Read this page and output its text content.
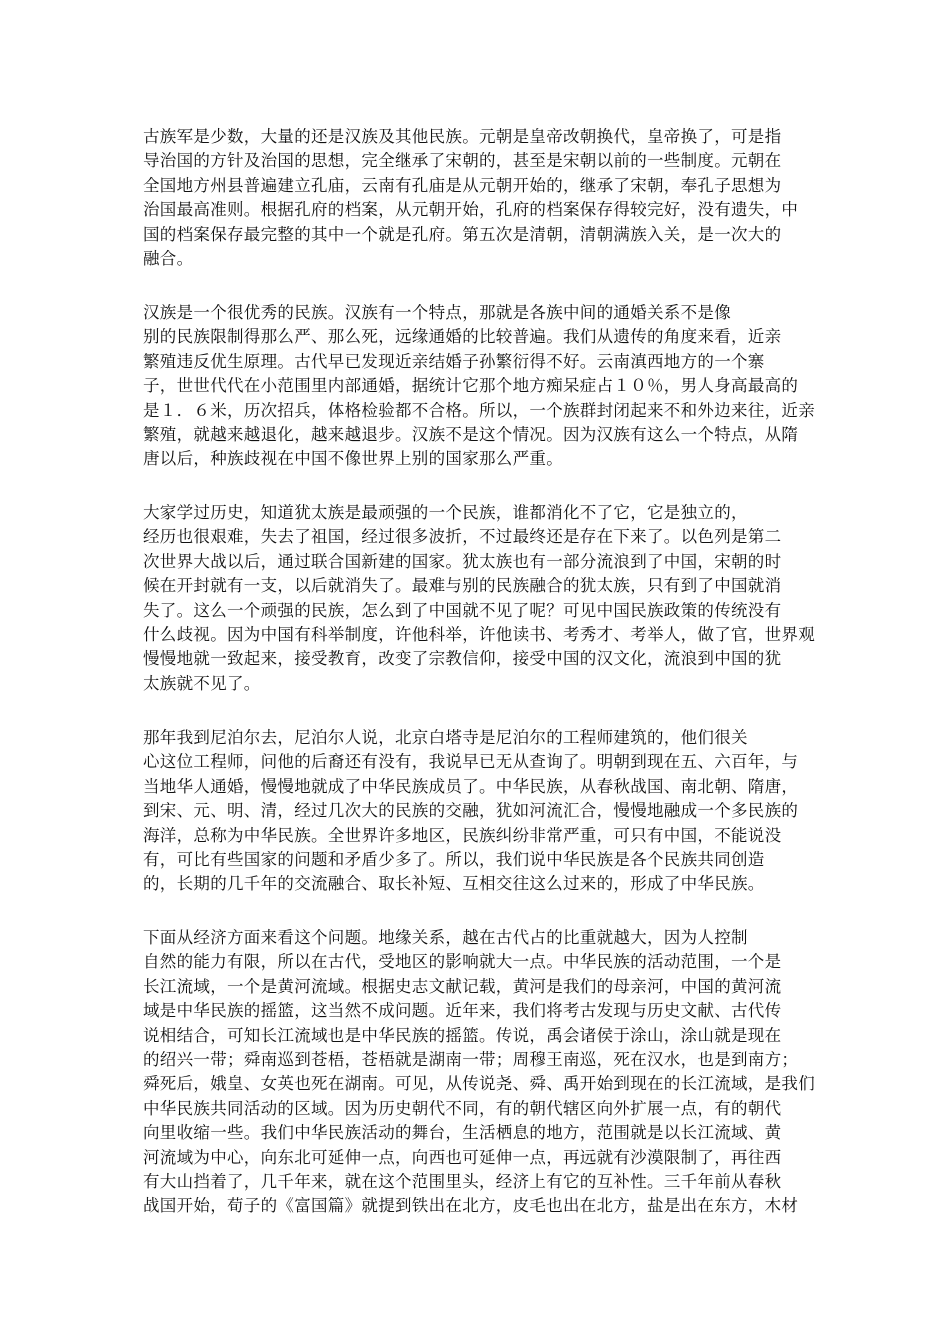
古族军是少数，大量的还是汉族及其他民族。元朝是皇帝改朝换代，皇帝换了，可是指
导治国的方针及治国的思想，完全继承了宋朝的，甚至是宋朝以前的一些制度。元朝在
全国地方州县普遍建立孔庙，云南有孔庙是从元朝开始的，继承了宋朝，奉孔子思想为
治国最高准则。根据孔府的档案，从元朝开始，孔府的档案保存得较完好，没有遗失，中
国的档案保存最完整的其中一个就是孔府。第五次是清朝，清朝满族入关，是一次大的
融合。
汉族是一个很优秀的民族。汉族有一个特点，那就是各族中间的通婚关系不是像
别的民族限制得那么严、那么死，远缘通婚的比较普遍。我们从遗传的角度来看，近亲
繁殖违反优生原理。古代早已发现近亲结婚子孙繁衍得不好。云南滇西地方的一个寨
子，世世代代在小范围里内部通婚，据统计它那个地方痴呆症占１０％，男人身高最高的
是１．６米，历次招兵，体格检验都不合格。所以，一个族群封闭起来不和外边来往，近亲
繁殖，就越来越退化，越来越退步。汉族不是这个情况。因为汉族有这么一个特点，从隋
唐以后，种族歧视在中国不像世界上别的国家那么严重。
大家学过历史，知道犹太族是最顽强的一个民族，谁都消化不了它，它是独立的，
经历也很艰难，失去了祖国，经过很多波折，不过最终还是存在下来了。以色列是第二
次世界大战以后，通过联合国新建的国家。犹太族也有一部分流浪到了中国，宋朝的时
候在开封就有一支，以后就消失了。最难与别的民族融合的犹太族，只有到了中国就消
失了。这么一个顽强的民族，怎么到了中国就不见了呢？可见中国民族政策的传统没有
什么歧视。因为中国有科举制度，许他科举，许他读书、考秀才、考举人，做了官，世界观
慢慢地就一致起来，接受教育，改变了宗教信仰，接受中国的汉文化，流浪到中国的犹
太族就不见了。
那年我到尼泊尔去，尼泊尔人说，北京白塔寺是尼泊尔的工程师建筑的，他们很关
心这位工程师，问他的后裔还有没有，我说早已无从查询了。明朝到现在五、六百年，与
当地华人通婚，慢慢地就成了中华民族成员了。中华民族，从春秋战国、南北朝、隋唐，
到宋、元、明、清，经过几次大的民族的交融，犹如河流汇合，慢慢地融成一个多民族的
海洋，总称为中华民族。全世界许多地区，民族纠纷非常严重，可只有中国，不能说没
有，可比有些国家的问题和矛盾少多了。所以，我们说中华民族是各个民族共同创造
的，长期的几千年的交流融合、取长补短、互相交往这么过来的，形成了中华民族。
下面从经济方面来看这个问题。地缘关系，越在古代占的比重就越大，因为人控制
自然的能力有限，所以在古代，受地区的影响就大一点。中华民族的活动范围，一个是
长江流域，一个是黄河流域。根据史志文献记载，黄河是我们的母亲河，中国的黄河流
域是中华民族的摇篮，这当然不成问题。近年来，我们将考古发现与历史文献、古代传
说相结合，可知长江流域也是中华民族的摇篮。传说，禹会诸侯于涂山，涂山就是现在
的绍兴一带；舜南巡到苍梧，苍梧就是湖南一带；周穆王南巡，死在汉水，也是到南方；
舜死后，娥皇、女英也死在湖南。可见，从传说尧、舜、禹开始到现在的长江流域，是我们
中华民族共同活动的区域。因为历史朝代不同，有的朝代辖区向外扩展一点，有的朝代
向里收缩一些。我们中华民族活动的舞台，生活栖息的地方，范围就是以长江流域、黄
河流域为中心，向东北可延伸一点，向西也可延伸一点，再远就有沙漠限制了，再往西
有大山挡着了，几千年来，就在这个范围里头，经济上有它的互补性。三千年前从春秋
战国开始，荀子的《富国篇》就提到铁出在北方，皮毛也出在北方，盐是出在东方，木材
